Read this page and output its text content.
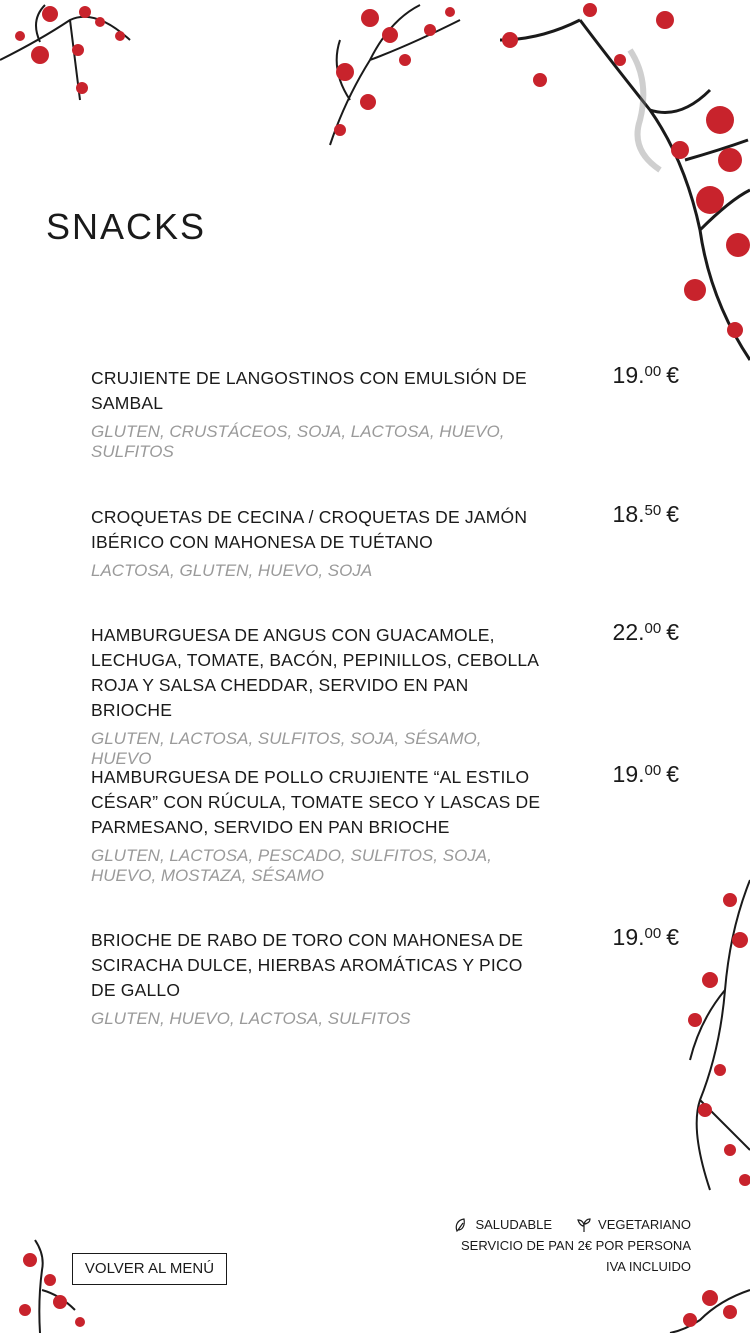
SNACKS
CRUJIENTE DE LANGOSTINOS CON EMULSIÓN DE SAMBAL
GLUTEN, CRUSTÁCEOS, SOJA, LACTOSA, HUEVO, SULFITOS
19.00 €
CROQUETAS DE CECINA / CROQUETAS DE JAMÓN IBÉRICO CON MAHONESA DE TUÉTANO
LACTOSA, GLUTEN, HUEVO, SOJA
18.50 €
HAMBURGUESA DE ANGUS CON GUACAMOLE, LECHUGA, TOMATE, BACÓN, PEPINILLOS, CEBOLLA ROJA Y SALSA CHEDDAR, SERVIDO EN PAN BRIOCHE
GLUTEN, LACTOSA, SULFITOS, SOJA, SÉSAMO, HUEVO
22.00 €
HAMBURGUESA DE POLLO CRUJIENTE “AL ESTILO CÉSAR” CON RÚCULA, TOMATE SECO Y LASCAS DE PARMESANO, SERVIDO EN PAN BRIOCHE
GLUTEN, LACTOSA, PESCADO, SULFITOS, SOJA, HUEVO, MOSTAZA, SÉSAMO
19.00 €
BRIOCHE DE RABO DE TORO CON MAHONESA DE SCIRACHA DULCE, HIERBAS AROMÁTICAS Y PICO DE GALLO
GLUTEN, HUEVO, LACTOSA, SULFITOS
19.00 €
SALUDABLE	VEGETARIANO
SERVICIO DE PAN 2€ POR PERSONA
IVA INCLUIDO
VOLVER AL MENÚ
